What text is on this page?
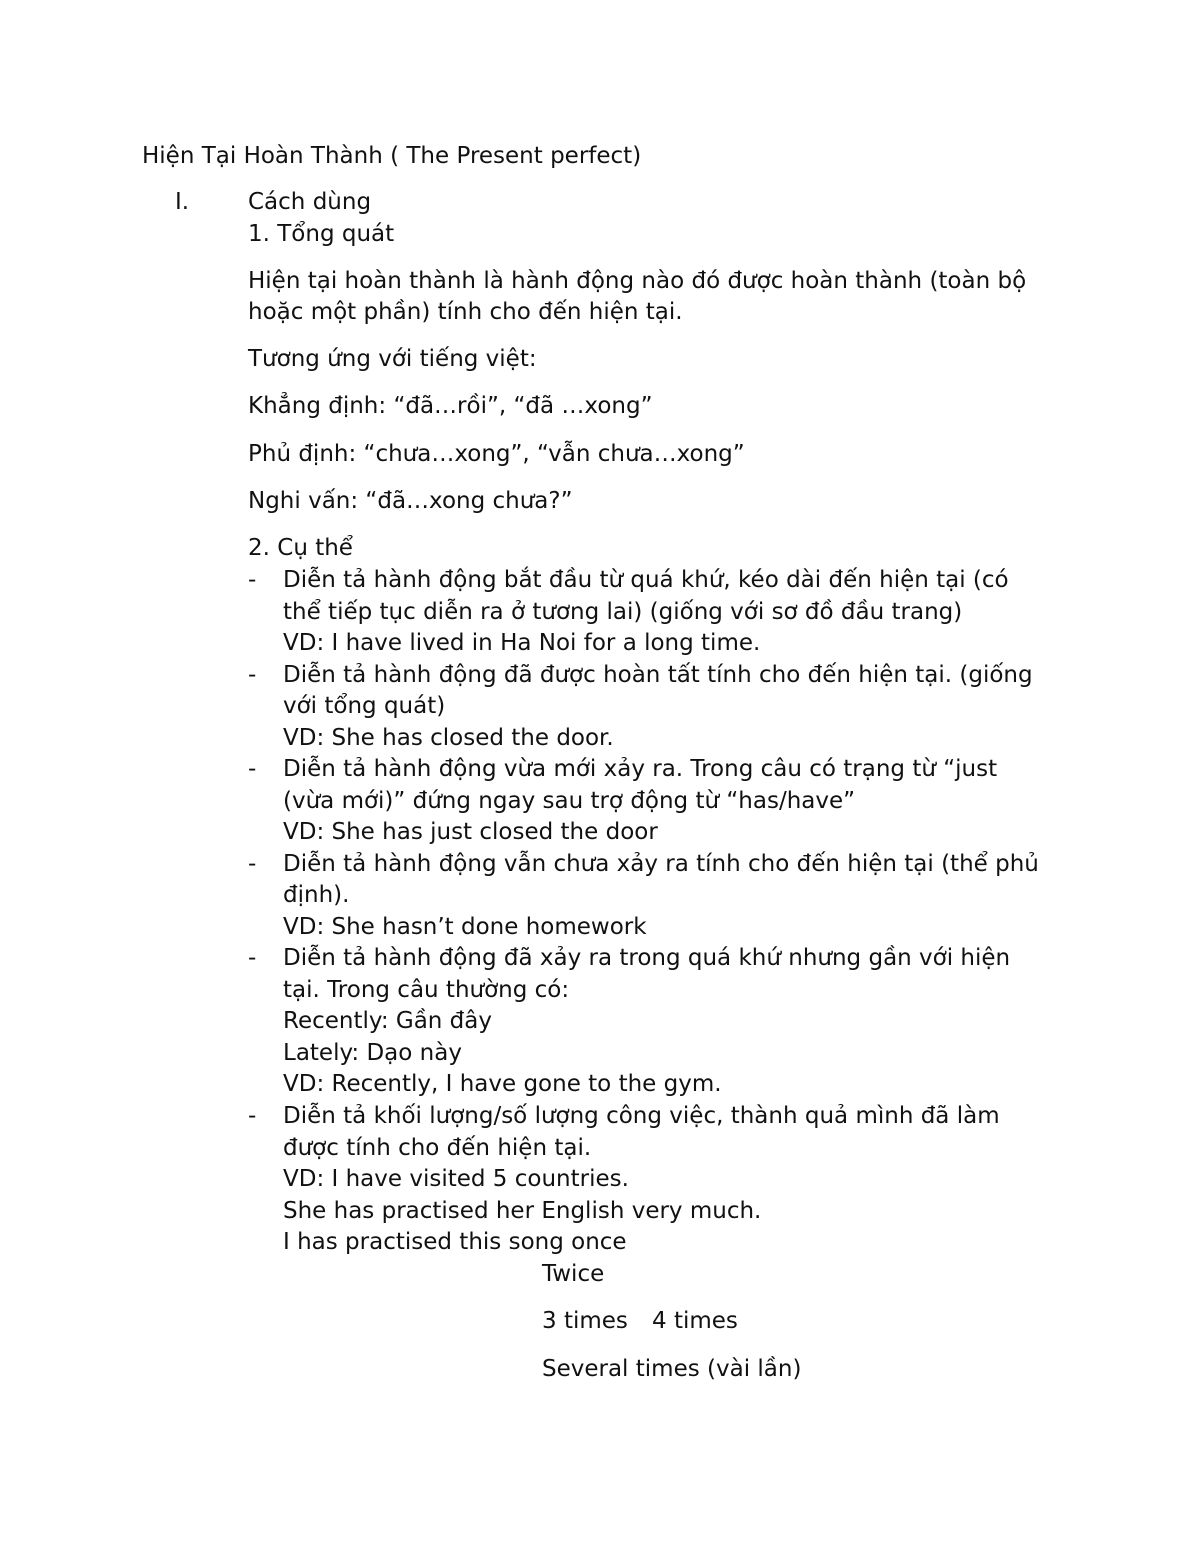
Hiện Tại Hoàn Thành ( The Present perfect)

I.	Cách dùng

1. Tổng quát

Hiện tại hoàn thành là hành động nào đó được hoàn thành (toàn bộ

hoặc một phần) tính cho đến hiện tại.

Tương ứng với tiếng việt:

Khẳng định: “đã…rồi”, “đã …xong”

Phủ định: “chưa…xong”, “vẫn chưa…xong”

Nghi vấn: “đã…xong chưa?”

2. Cụ thể

- Diễn tả hành động bắt đầu từ quá khứ, kéo dài đến hiện tại (có

thể tiếp tục diễn ra ở tương lai) (giống với sơ đồ đầu trang)

VD: I have lived in Ha Noi for a long time.

- Diễn tả hành động đã được hoàn tất tính cho đến hiện tại. (giống

với tổng quát)

VD: She has closed the door.

- Diễn tả hành động vừa mới xảy ra. Trong câu có trạng từ “just

(vừa mới)” đứng ngay sau trợ động từ “has/have”

VD: She has just closed the door

- Diễn tả hành động vẫn chưa xảy ra tính cho đến hiện tại (thể phủ

định).

VD: She hasn’t done homework

- Diễn tả hành động đã xảy ra trong quá khứ nhưng gần với hiện

tại. Trong câu thường có:

Recently: Gần đây

Lately: Dạo này

VD: Recently, I have gone to the gym.

- Diễn tả khối lượng/số lượng công việc, thành quả mình đã làm

được tính cho đến hiện tại.

VD: I have visited 5 countries.

She has practised her English very much.

I has practised this song once

Twice

3 times 4 times

Several times (vài lần)
